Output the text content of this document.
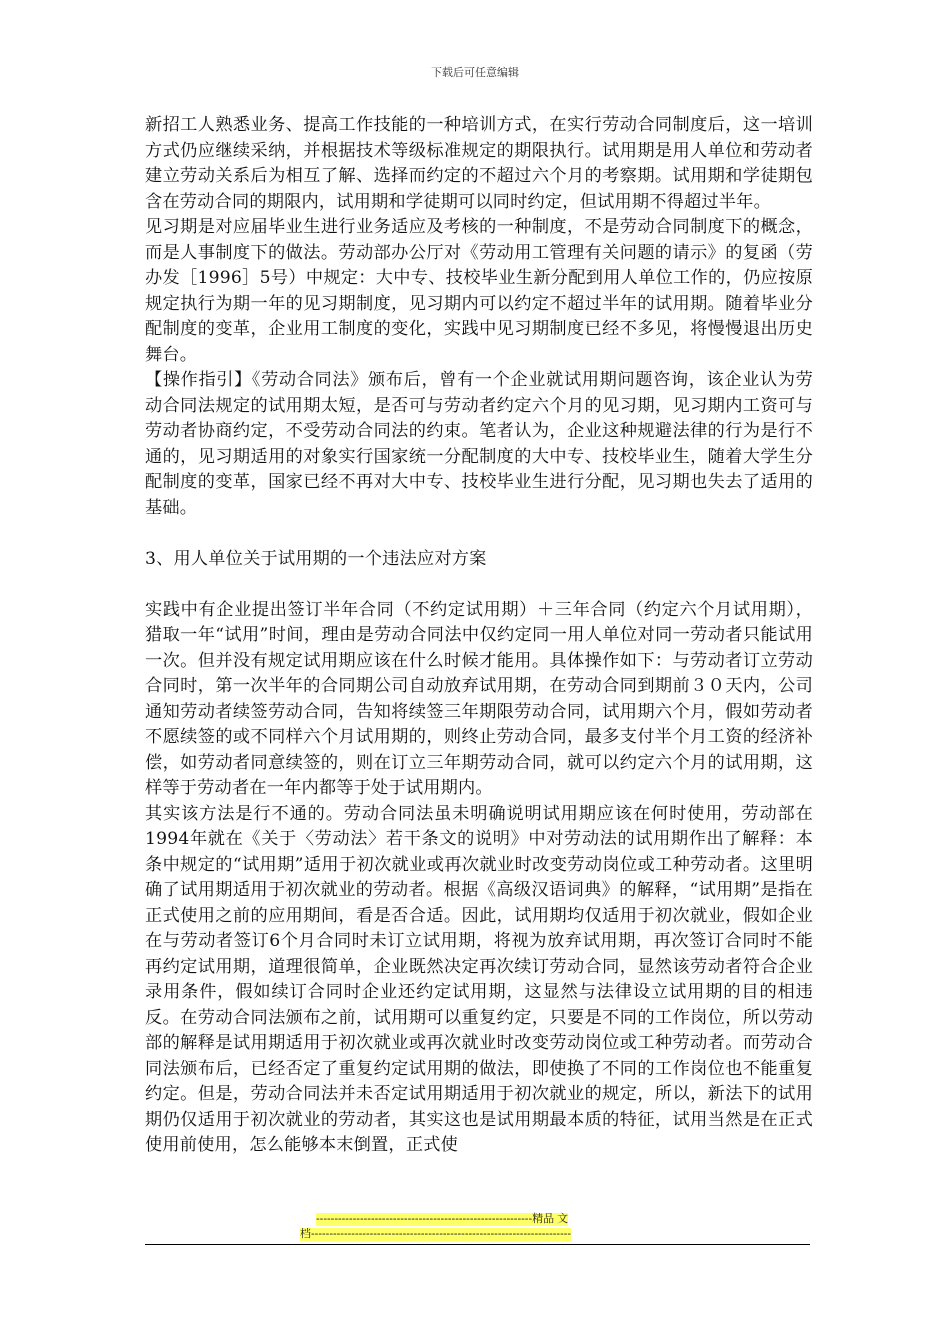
下载后可任意编辑

新招工人熟悉业务、提高工作技能的一种培训方式，在实行劳动合同制度后，这一培训方式仍应继续采纳，并根据技术等级标准规定的期限执行。试用期是用人单位和劳动者建立劳动关系后为相互了解、选择而约定的不超过六个月的考察期。试用期和学徒期包含在劳动合同的期限内，试用期和学徒期可以同时约定，但试用期不得超过半年。

见习期是对应届毕业生进行业务适应及考核的一种制度，不是劳动合同制度下的概念，而是人事制度下的做法。劳动部办公厅对《劳动用工管理有关问题的请示》的复函（劳办发［1996］5号）中规定：大中专、技校毕业生新分配到用人单位工作的，仍应按原规定执行为期一年的见习期制度，见习期内可以约定不超过半年的试用期。随着毕业分配制度的变革，企业用工制度的变化，实践中见习期制度已经不多见，将慢慢退出历史舞台。

【操作指引】《劳动合同法》颁布后，曾有一个企业就试用期问题咨询，该企业认为劳动合同法规定的试用期太短，是否可与劳动者约定六个月的见习期，见习期内工资可与劳动者协商约定，不受劳动合同法的约束。笔者认为，企业这种规避法律的行为是行不通的，见习期适用的对象实行国家统一分配制度的大中专、技校毕业生，随着大学生分配制度的变革，国家已经不再对大中专、技校毕业生进行分配，见习期也失去了适用的基础。

3、用人单位关于试用期的一个违法应对方案

实践中有企业提出签订半年合同（不约定试用期）＋三年合同（约定六个月试用期），猎取一年“试用”时间，理由是劳动合同法中仅约定同一用人单位对同一劳动者只能试用一次。但并没有规定试用期应该在什么时候才能用。具体操作如下：与劳动者订立劳动合同时，第一次半年的合同期公司自动放弃试用期，在劳动合同到期前３０天内，公司通知劳动者续签劳动合同，告知将续签三年期限劳动合同，试用期六个月，假如劳动者不愿续签的或不同样六个月试用期的，则终止劳动合同，最多支付半个月工资的经济补偿，如劳动者同意续签的，则在订立三年期劳动合同，就可以约定六个月的试用期，这样等于劳动者在一年内都等于处于试用期内。

其实该方法是行不通的。劳动合同法虽未明确说明试用期应该在何时使用，劳动部在1994年就在《关于〈劳动法〉若干条文的说明》中对劳动法的试用期作出了解释：本条中规定的“试用期”适用于初次就业或再次就业时改变劳动岗位或工种劳动者。这里明确了试用期适用于初次就业的劳动者。根据《高级汉语词典》的解释，“试用期”是指在正式使用之前的应用期间，看是否合适。因此，试用期均仅适用于初次就业，假如企业在与劳动者签订6个月合同时未订立试用期，将视为放弃试用期，再次签订合同时不能再约定试用期，道理很简单，企业既然决定再次续订劳动合同，显然该劳动者符合企业录用条件，假如续订合同时企业还约定试用期，这显然与法律设立试用期的目的相违反。在劳动合同法颁布之前，试用期可以重复约定，只要是不同的工作岗位，所以劳动部的解释是试用期适用于初次就业或再次就业时改变劳动岗位或工种劳动者。而劳动合同法颁布后，已经否定了重复约定试用期的做法，即使换了不同的工作岗位也不能重复约定。但是，劳动合同法并未否定试用期适用于初次就业的规定，所以，新法下的试用期仍仅适用于初次就业的劳动者，其实这也是试用期最本质的特征，试用当然是在正式使用前使用，怎么能够本末倒置，正式使

-----------------------------------------------------------精品 文
档-----------------------------------------------------------------------
